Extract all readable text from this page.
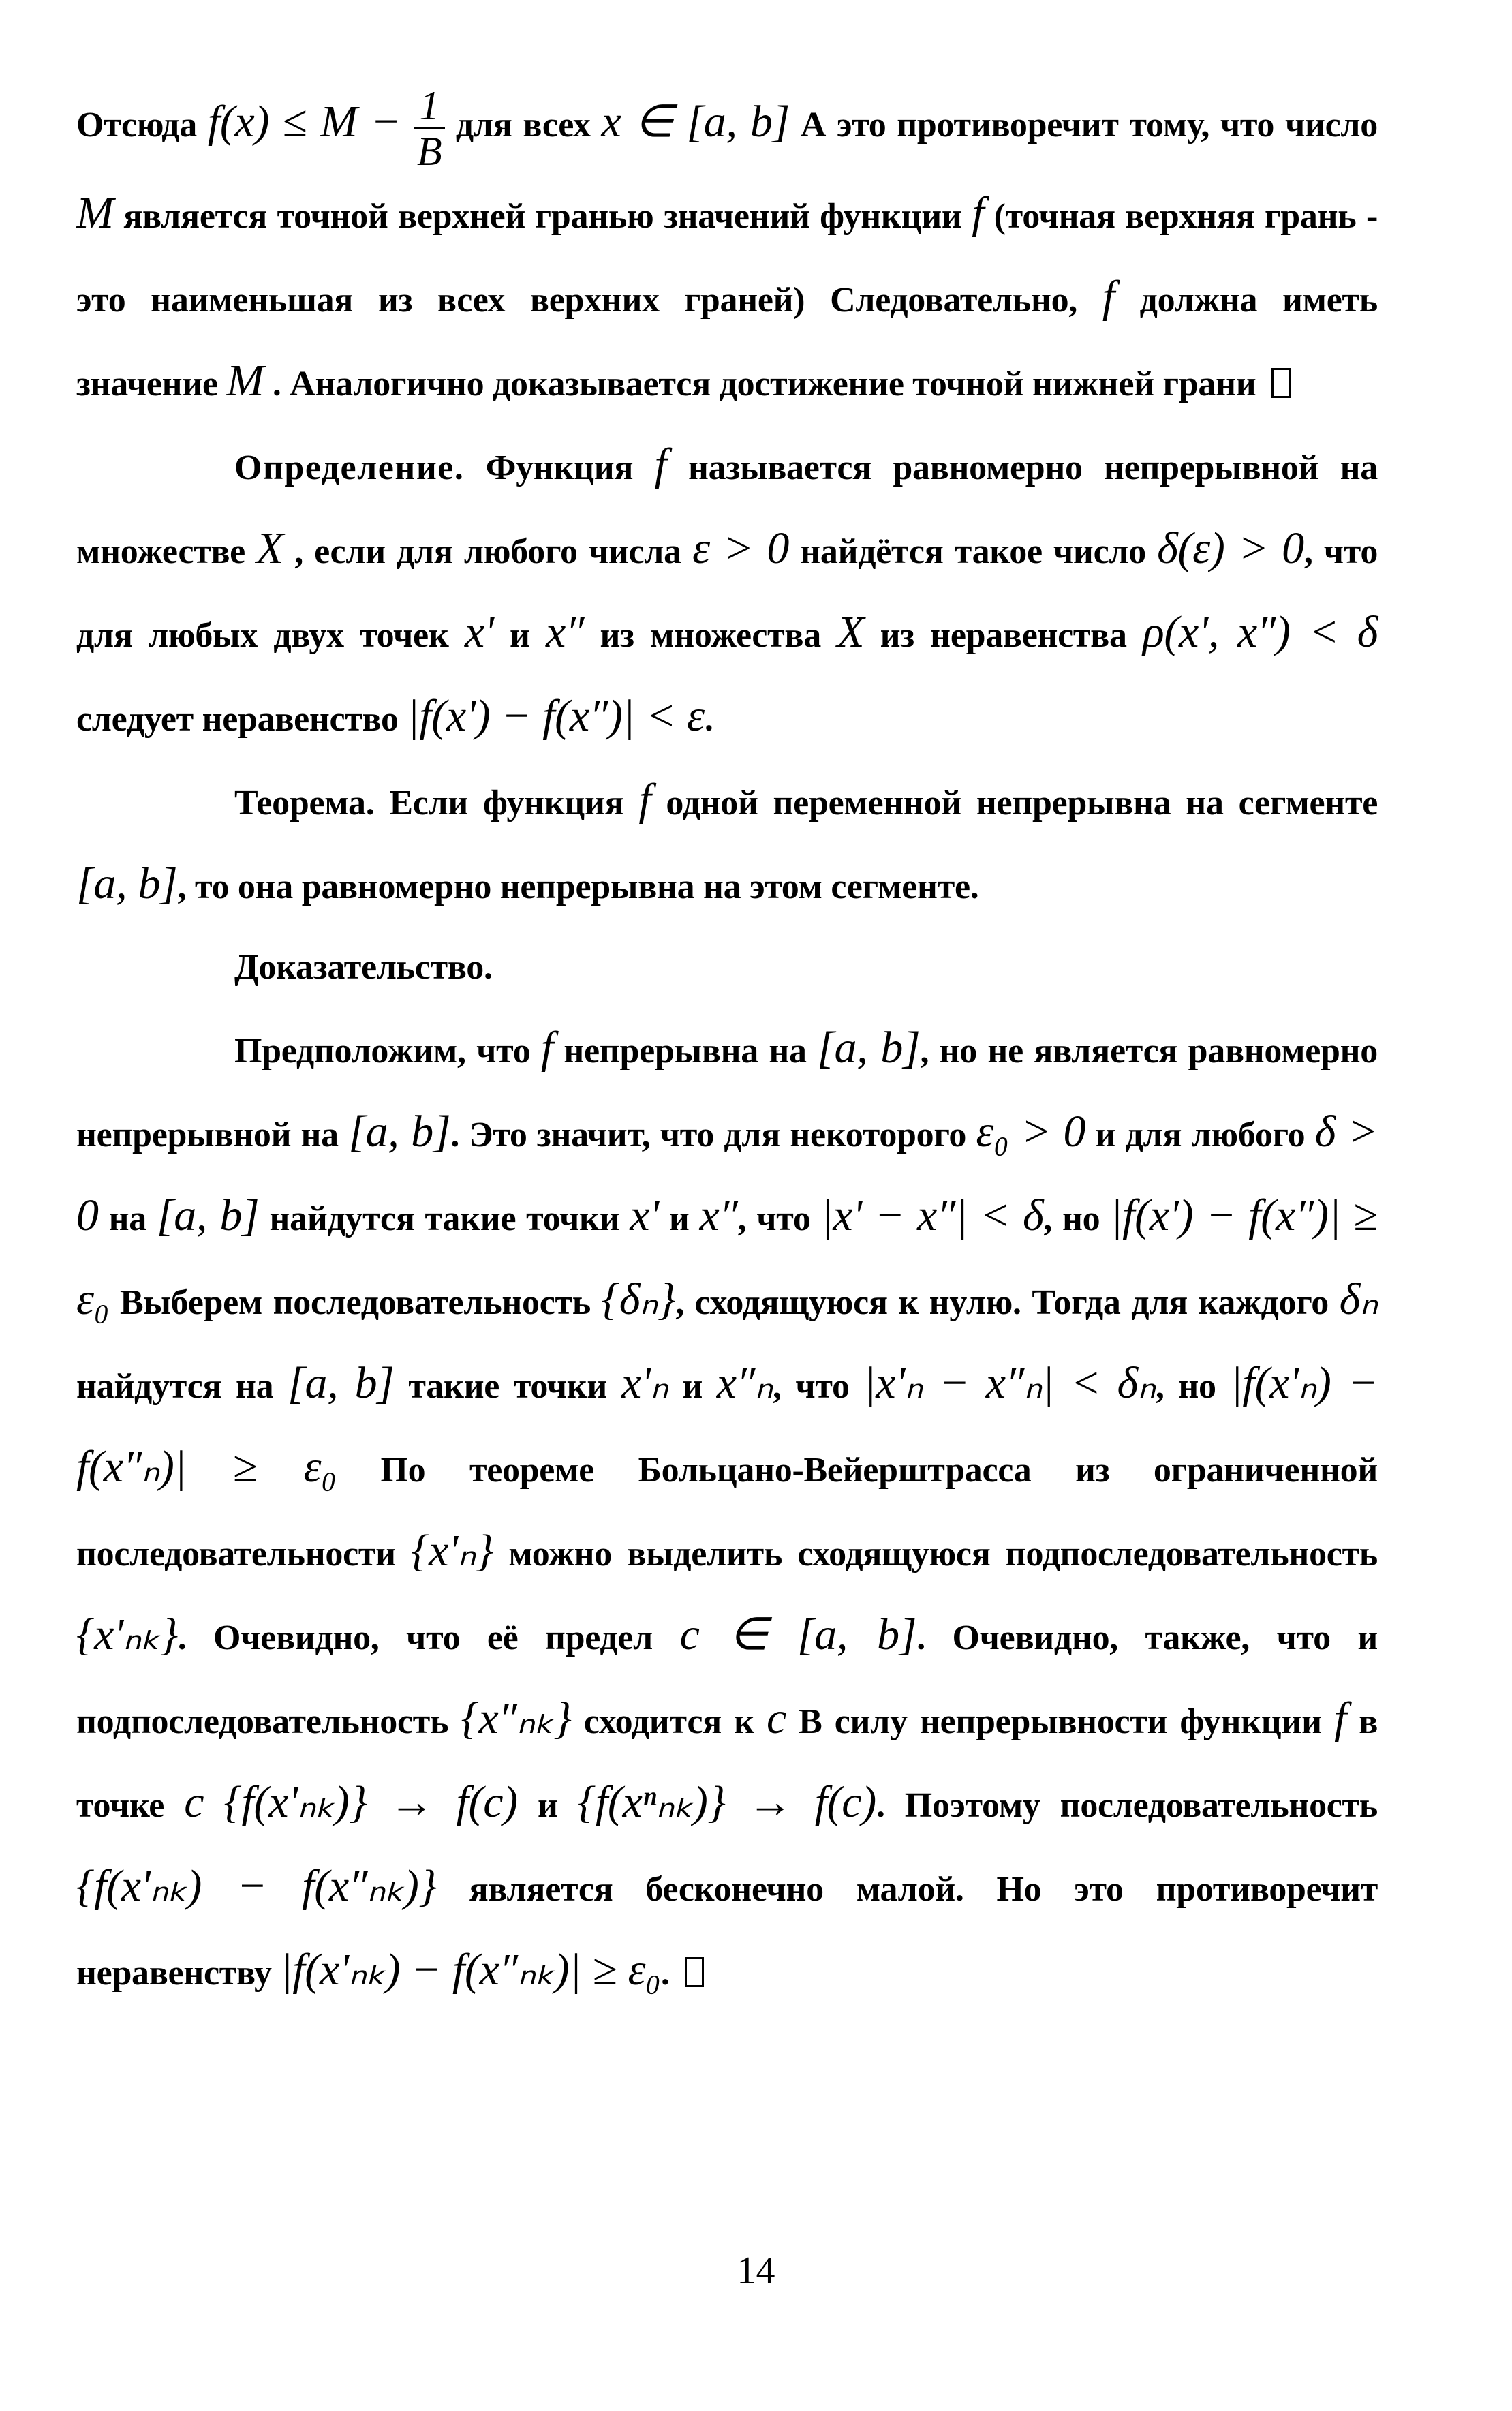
Отсюда $f(x) \le M - \frac{1}{B}$ для всех x ∈ [a, b] А это противоречит тому, что число M является точной верхней гранью значений функции f (точная верхняя грань - это наименьшая из всех верхних граней) Следовательно, f должна иметь значение M . Аналогично доказывается достижение точной нижней грани

Определение. Функция f называется равномерно непрерывной на множестве X , если для любого числа ε > 0 найдётся такое число δ(ε) > 0, что для любых двух точек x' и x″ из множества X из неравенства ρ(x', x″) < δ следует неравенство |f(x') − f(x″)| < ε.

Теорема. Если функция f одной переменной непрерывна на сегменте [a, b], то она равномерно непрерывна на этом сегменте.

Доказательство.

Предположим, что f непрерывна на [a, b], но не является равномерно непрерывной на [a, b]. Это значит, что для некоторого ε₀ > 0 и для любого δ > 0 на [a, b] найдутся такие точки x' и x″, что |x' − x″| < δ, но |f(x') − f(x″)| ≥ ε₀ Выберем последовательность {δₙ}, сходящуюся к нулю. Тогда для каждого δₙ найдутся на [a, b] такие точки x'ₙ и x″ₙ, что |x'ₙ − x″ₙ| < δₙ, но |f(x'ₙ) − f(x″ₙ)| ≥ ε₀ По теореме Больцано-Вейерштрасса из ограниченной последовательности {x'ₙ} можно выделить сходящуюся подпоследовательность {x'ₙₖ}. Очевидно, что её предел c ∈ [a, b]. Очевидно, также, что и подпоследовательность {x″ₙₖ} сходится к c В силу непрерывности функции f в точке c {f(x'ₙₖ)} → f(c) и {f(xⁿₙₖ)} → f(c). Поэтому последовательность {f(x'ₙₖ) − f(x″ₙₖ)} является бесконечно малой. Но это противоречит неравенству |f(x'ₙₖ) − f(x″ₙₖ)| ≥ ε₀.

14
